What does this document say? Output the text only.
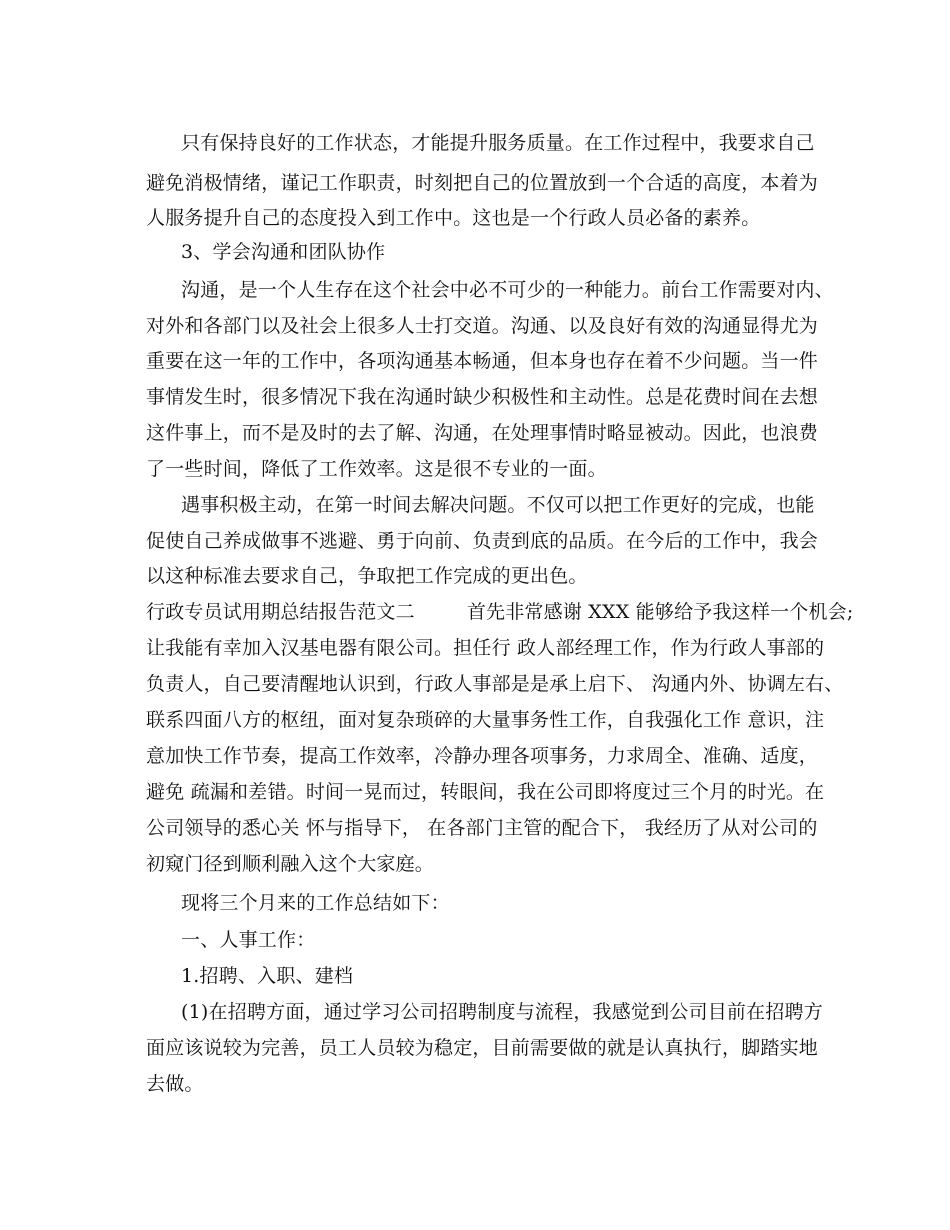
只有保持良好的工作状态，才能提升服务质量。在工作过程中，我要求自己
避免消极情绪，谨记工作职责，时刻把自己的位置放到一个合适的高度，本着为
人服务提升自己的态度投入到工作中。这也是一个行政人员必备的素养。
3、学会沟通和团队协作
沟通，是一个人生存在这个社会中必不可少的一种能力。前台工作需要对内、
对外和各部门以及社会上很多人士打交道。沟通、以及良好有效的沟通显得尤为
重要在这一年的工作中，各项沟通基本畅通，但本身也存在着不少问题。当一件
事情发生时，很多情况下我在沟通时缺少积极性和主动性。总是花费时间在去想
这件事上，而不是及时的去了解、沟通，在处理事情时略显被动。因此，也浪费
了一些时间，降低了工作效率。这是很不专业的一面。
遇事积极主动，在第一时间去解决问题。不仅可以把工作更好的完成，也能
促使自己养成做事不逃避、勇于向前、负责到底的品质。在今后的工作中，我会
以这种标准去要求自己，争取把工作完成的更出色。
行政专员试用期总结报告范文二	首先非常感谢 XXX 能够给予我这样一个机会;
让我能有幸加入汉基电器有限公司。担任行 政人部经理工作，作为行政人事部的
负责人，自己要清醒地认识到，行政人事部是是承上启下、 沟通内外、协调左右、
联系四面八方的枢纽，面对复杂琐碎的大量事务性工作，自我强化工作 意识，注
意加快工作节奏，提高工作效率，冷静办理各项事务，力求周全、准确、适度，
避免 疏漏和差错。时间一晃而过，转眼间，我在公司即将度过三个月的时光。在
公司领导的悉心关 怀与指导下， 在各部门主管的配合下， 我经历了从对公司的
初窥门径到顺利融入这个大家庭。
现将三个月来的工作总结如下：
一、人事工作：
1.招聘、入职、建档
(1)在招聘方面，通过学习公司招聘制度与流程，我感觉到公司目前在招聘方
面应该说较为完善，员工人员较为稳定，目前需要做的就是认真执行，脚踏实地
去做。
